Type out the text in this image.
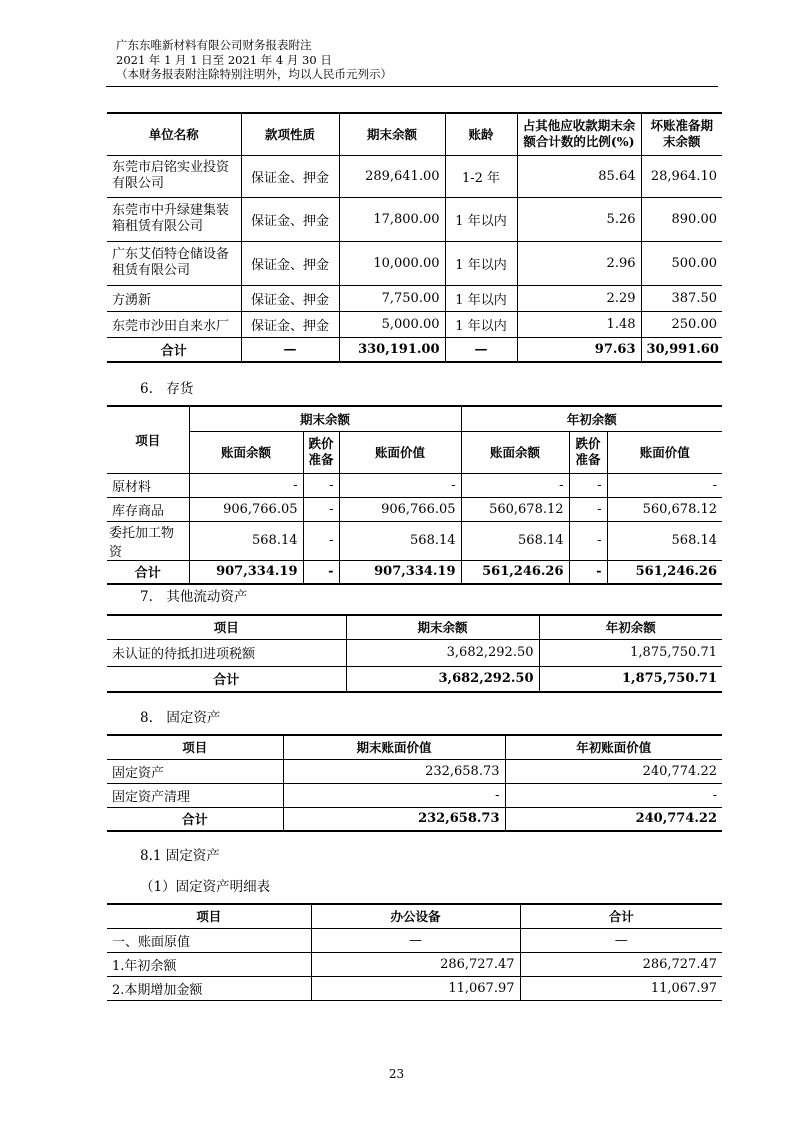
广东东唯新材料有限公司财务报表附注
2021 年 1 月 1 日至 2021 年 4 月 30 日
（本财务报表附注除特别注明外，均以人民币元列示）
单位名称	款项性质	期末余额	账龄	占其他应收款期末余额合计数的比例(%)	坏账准备期末余额
东莞市启铭实业投资有限公司	保证金、押金	289,641.00	1-2 年	85.64	28,964.10
东莞市中升绿建集装箱租赁有限公司	保证金、押金	17,800.00	1 年以内	5.26	890.00
广东艾佰特仓储设备租赁有限公司	保证金、押金	10,000.00	1 年以内	2.96	500.00
方湧新	保证金、押金	7,750.00	1 年以内	2.29	387.50
东莞市沙田自来水厂	保证金、押金	5,000.00	1 年以内	1.48	250.00
合计	—	330,191.00	—	97.63	30,991.60
6.　存货
项目	期末余额			年初余额		
	账面余额	跌价准备	账面价值	账面余额	跌价准备	账面价值
原材料	-	-	-	-	-	-
库存商品	906,766.05	-	906,766.05	560,678.12	-	560,678.12
委托加工物资	568.14	-	568.14	568.14	-	568.14
合计	907,334.19	-	907,334.19	561,246.26	-	561,246.26
7.　其他流动资产
项目	期末余额	年初余额
未认证的待抵扣进项税额	3,682,292.50	1,875,750.71
合计	3,682,292.50	1,875,750.71
8.　固定资产
项目	期末账面价值	年初账面价值
固定资产	232,658.73	240,774.22
固定资产清理	-	-
合计	232,658.73	240,774.22
8.1 固定资产
（1）固定资产明细表
项目	办公设备	合计
一、账面原值	—	—
1.年初余额	286,727.47	286,727.47
2.本期增加金额	11,067.97	11,067.97
23
